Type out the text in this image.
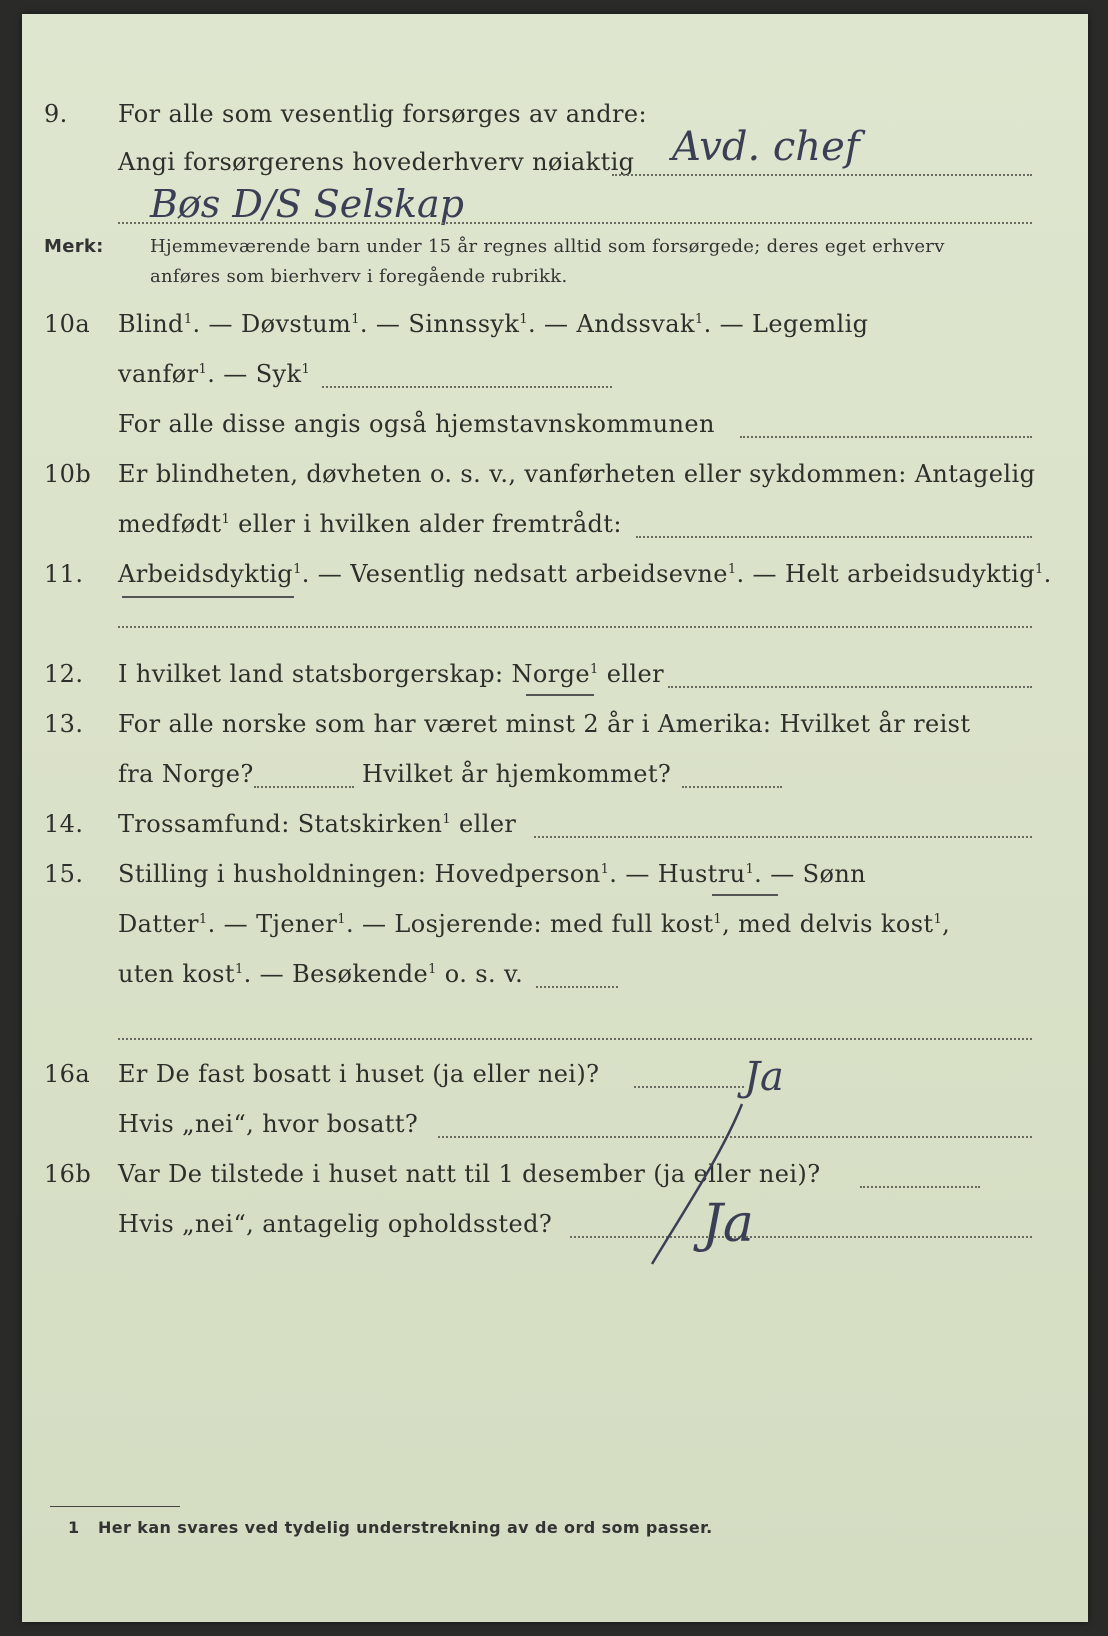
9. For alle som vesentlig forsørges av andre:
Angi forsørgerens hovederhverv nøiaktig Avd. chef
Bøs D/S Selskap
Merk:	Hjemmeværende barn under 15 år regnes alltid som forsørgede; deres eget erhverv
anføres som bierhverv i foregående rubrikk.
10a Blind$^1$. — Døvstum$^1$. — Sinnssyk$^1$. — Andssvak$^1$. — Legemlig
vanfør$^1$. — Syk$^1$
For alle disse angis også hjemstavnskommunen
10b Er blindheten, døvheten o. s. v., vanførheten eller sykdommen: Antagelig
medfødt$^1$ eller i hvilken alder fremtrådt:
11. Arbeidsdyktig$^1$. — Vesentlig nedsatt arbeidsevne$^1$. — Helt arbeidsudyktig$^1$.
12. I hvilket land statsborgerskap: Norge$^1$ eller
13. For alle norske som har været minst 2 år i Amerika: Hvilket år reist
fra Norge?	Hvilket år hjemkommet?
14. Trossamfund: Statskirken$^1$ eller
15. Stilling i husholdningen: Hovedperson$^1$. — Hustru$^1$. — Sønn
Datter$^1$. — Tjener$^1$. — Losjerende: med full kost$^1$, med delvis kost$^1$,
uten kost$^1$. — Besøkende$^1$ o. s. v.
16a Er De fast bosatt i huset (ja eller nei)?	Ja
Hvis „nei“, hvor bosatt?
16b Var De tilstede i huset natt til 1 desember (ja eller nei)?
Hvis „nei“, antagelig opholdssted?	Ja
1 Her kan svares ved tydelig understrekning av de ord som passer.
